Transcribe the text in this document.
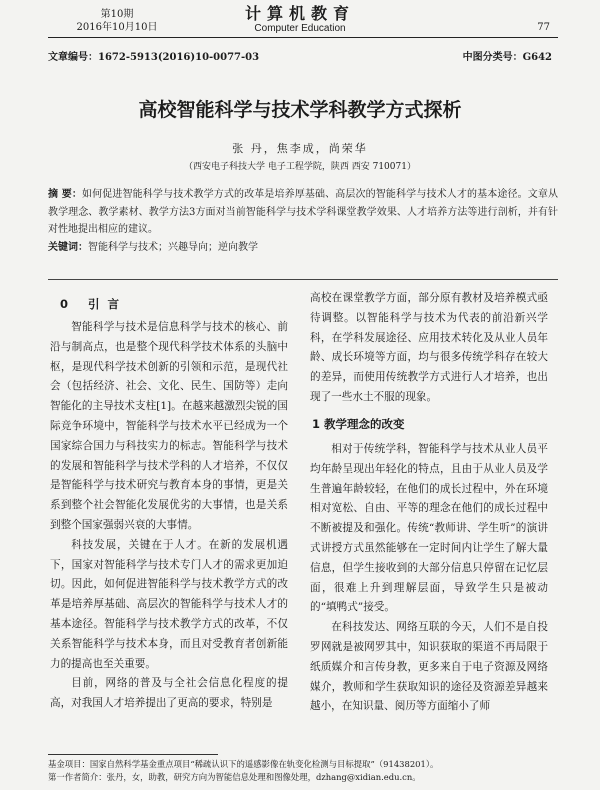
第10期
2016年10月10日
计算机教育
Computer Education	77
文章编号：1672-5913(2016)10-0077-03	中图分类号：G642
高校智能科学与技术学科教学方式探析
张 丹，焦李成，尚荣华
（西安电子科技大学 电子工程学院，陕西 西安 710071）
摘 要：如何促进智能科学与技术教学方式的改革是培养厚基础、高层次的智能科学与技术人才的基本途径。文章从教学理念、教学素材、教学方法3方面对当前智能科学与技术学科课堂教学效果、人才培养方法等进行剖析，并有针对性地提出相应的建议。
关键词：智能科学与技术；兴趣导向；逆向教学
0 引言

智能科学与技术是信息科学与技术的核心、前沿与制高点，也是整个现代科学技术体系的头脑中枢，是现代科学技术创新的引领和示范，是现代社会（包括经济、社会、文化、民生、国防等）走向智能化的主导技术支柱[1]。在越来越激烈尖锐的国际竞争环境中，智能科学与技术水平已经成为一个国家综合国力与科技实力的标志。智能科学与技术的发展和智能科学与技术学科的人才培养，不仅仅是智能科学与技术研究与教育本身的事情，更是关系到整个社会智能化发展优劣的大事情，也是关系到整个国家强弱兴衰的大事情。

科技发展，关键在于人才。在新的发展机遇下，国家对智能科学与技术专门人才的需求更加迫切。因此，如何促进智能科学与技术教学方式的改革是培养厚基础、高层次的智能科学与技术人才的基本途径。智能科学与技术教学方式的改革，不仅关系智能科学与技术本身，而且对受教育者创新能力的提高也至关重要。

目前，网络的普及与全社会信息化程度的提高，对我国人才培养提出了更高的要求，特别是

高校在课堂教学方面，部分原有教材及培养模式亟待调整。以智能科学与技术为代表的前沿新兴学科，在学科发展途径、应用技术转化及从业人员年龄、成长环境等方面，均与很多传统学科存在较大的差异，而使用传统教学方式进行人才培养，也出现了一些水土不服的现象。

1 教学理念的改变

相对于传统学科，智能科学与技术从业人员平均年龄呈现出年轻化的特点，且由于从业人员及学生普遍年龄较轻，在他们的成长过程中，外在环境相对宽松、自由、平等的理念在他们的成长过程中不断被提及和强化。传统“教师讲、学生听”的演讲式讲授方式虽然能够在一定时间内让学生了解大量信息，但学生接收到的大部分信息只停留在记忆层面，很难上升到理解层面，导致学生只是被动的“填鸭式”接受。

在科技发达、网络互联的今天，人们不是自投罗网就是被网罗其中，知识获取的渠道不再局限于纸质媒介和言传身教，更多来自于电子资源及网络媒介，教师和学生获取知识的途径及资源差异越来越小，在知识量、阅历等方面缩小了师

基金项目：国家自然科学基金重点项目“稀疏认识下的遥感影像在轨变化检测与目标提取”（91438201）。
第一作者简介：张丹，女，助教，研究方向为智能信息处理和图像处理，dzhang@xidian.edu.cn。
